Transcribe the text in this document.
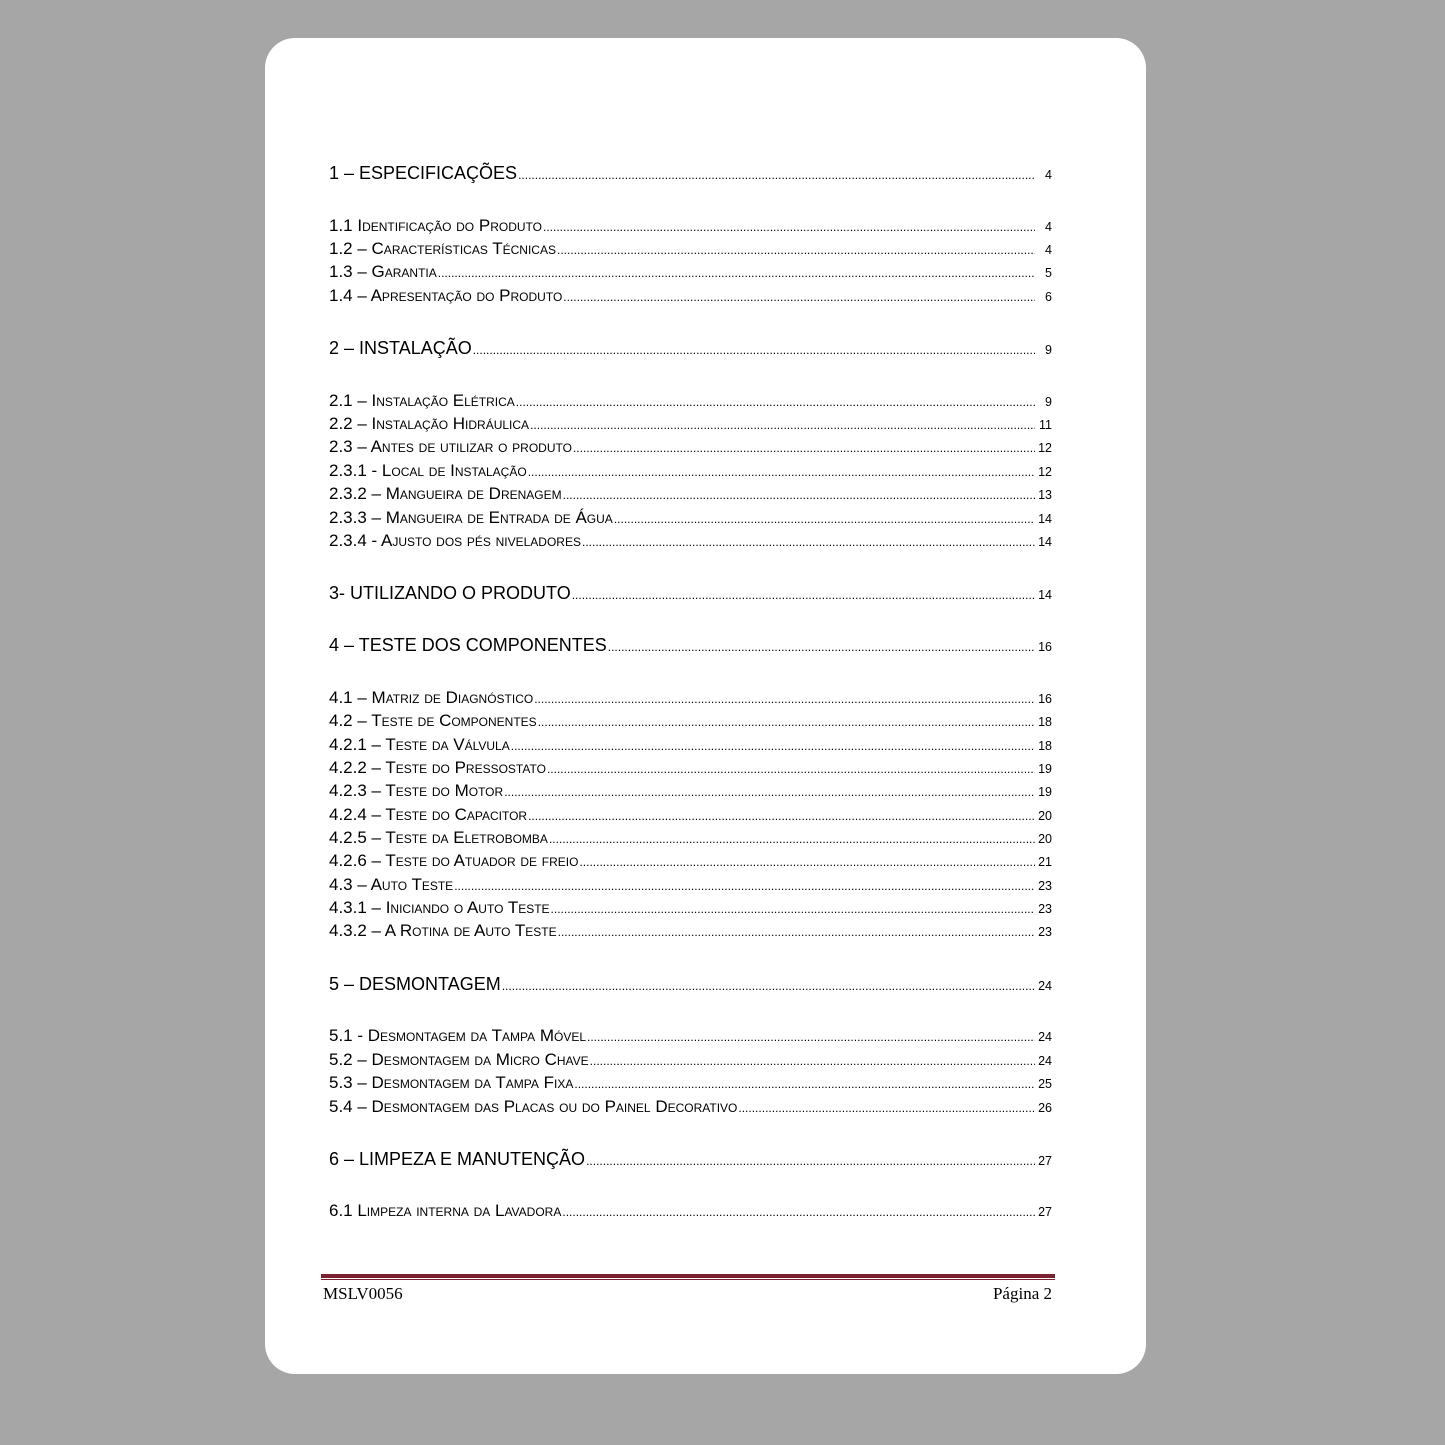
1 – ESPECIFICAÇÕES .....	4
1.1 Identificação do Produto .....	4
1.2 – Características Técnicas .....	4
1.3 – Garantia .....	5
1.4 – Apresentação do Produto .....	6
2 – INSTALAÇÃO .....	9
2.1 – Instalação Elétrica .....	9
2.2 – Instalação Hidráulica .....	11
2.3 – Antes de utilizar o produto .....	12
2.3.1 - Local de Instalação .....	12
2.3.2 – Mangueira de Drenagem .....	13
2.3.3 – Mangueira de Entrada de Água .....	14
2.3.4 - Ajusto dos pés niveladores .....	14
3- UTILIZANDO O PRODUTO .....	14
4 – TESTE DOS COMPONENTES .....	16
4.1 – Matriz de Diagnóstico .....	16
4.2 – Teste de Componentes .....	18
4.2.1 – Teste da Válvula .....	18
4.2.2 – Teste do Pressostato .....	19
4.2.3 – Teste do Motor .....	19
4.2.4 – Teste do Capacitor .....	20
4.2.5 – Teste da Eletrobomba .....	20
4.2.6 – Teste do Atuador de freio .....	21
4.3 – Auto Teste .....	23
4.3.1 – Iniciando o Auto Teste .....	23
4.3.2 – A Rotina de Auto Teste .....	23
5 – DESMONTAGEM .....	24
5.1 - Desmontagem da Tampa Móvel .....	24
5.2 – Desmontagem da Micro Chave .....	24
5.3 – Desmontagem da Tampa Fixa .....	25
5.4 – Desmontagem das Placas ou do Painel Decorativo .....	26
6 – LIMPEZA E MANUTENÇÃO .....	27
6.1 Limpeza interna da Lavadora .....	27
MSLV0056	Página 2
